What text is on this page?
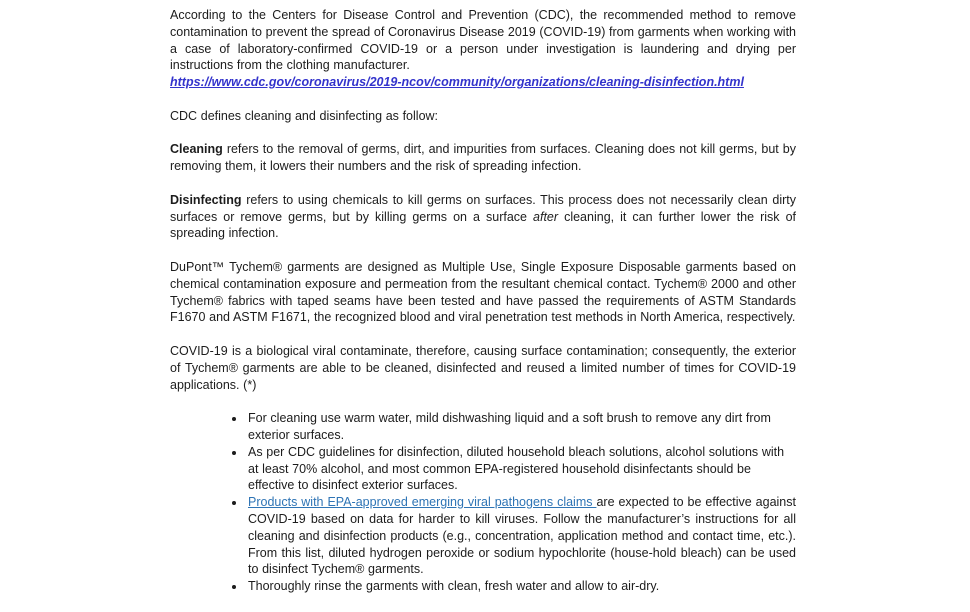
According to the Centers for Disease Control and Prevention (CDC), the recommended method to remove contamination to prevent the spread of Coronavirus Disease 2019 (COVID-19) from garments when working with a case of laboratory-confirmed COVID-19 or a person under investigation is laundering and drying per instructions from the clothing manufacturer.
https://www.cdc.gov/coronavirus/2019-ncov/community/organizations/cleaning-disinfection.html

CDC defines cleaning and disinfecting as follow:

Cleaning refers to the removal of germs, dirt, and impurities from surfaces. Cleaning does not kill germs, but by removing them, it lowers their numbers and the risk of spreading infection.

Disinfecting refers to using chemicals to kill germs on surfaces. This process does not necessarily clean dirty surfaces or remove germs, but by killing germs on a surface after cleaning, it can further lower the risk of spreading infection.

DuPont™ Tychem® garments are designed as Multiple Use, Single Exposure Disposable garments based on chemical contamination exposure and permeation from the resultant chemical contact. Tychem® 2000 and other Tychem® fabrics with taped seams have been tested and have passed the requirements of ASTM Standards F1670 and ASTM F1671, the recognized blood and viral penetration test methods in North America, respectively.

COVID-19 is a biological viral contaminate, therefore, causing surface contamination; consequently, the exterior of Tychem® garments are able to be cleaned, disinfected and reused a limited number of times for COVID-19 applications. (*)

• For cleaning use warm water, mild dishwashing liquid and a soft brush to remove any dirt from exterior surfaces.
• As per CDC guidelines for disinfection, diluted household bleach solutions, alcohol solutions with at least 70% alcohol, and most common EPA-registered household disinfectants should be effective to disinfect exterior surfaces.
• Products with EPA-approved emerging viral pathogens claims are expected to be effective against COVID-19 based on data for harder to kill viruses. Follow the manufacturer’s instructions for all cleaning and disinfection products (e.g., concentration, application method and contact time, etc.). From this list, diluted hydrogen peroxide or sodium hypochlorite (house-hold bleach) can be used to disinfect Tychem® garments.
• Thoroughly rinse the garments with clean, fresh water and allow to air-dry.
